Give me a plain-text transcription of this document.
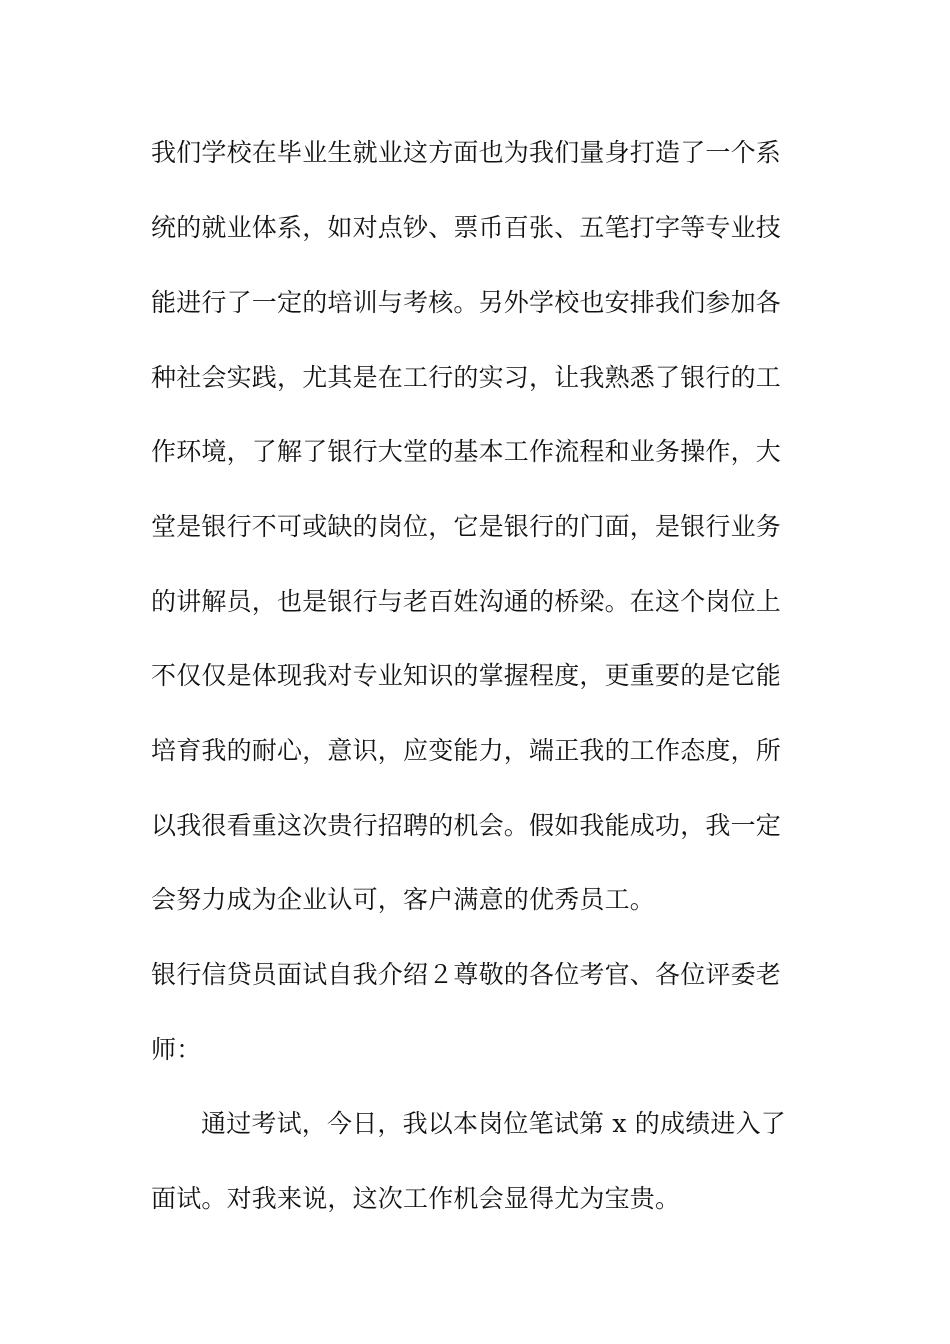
我们学校在毕业生就业这方面也为我们量身打造了一个系
统的就业体系，如对点钞、票币百张、五笔打字等专业技
能进行了一定的培训与考核。另外学校也安排我们参加各
种社会实践，尤其是在工行的实习，让我熟悉了银行的工
作环境，了解了银行大堂的基本工作流程和业务操作，大
堂是银行不可或缺的岗位，它是银行的门面，是银行业务
的讲解员，也是银行与老百姓沟通的桥梁。在这个岗位上
不仅仅是体现我对专业知识的掌握程度，更重要的是它能
培育我的耐心，意识，应变能力，端正我的工作态度，所
以我很看重这次贵行招聘的机会。假如我能成功，我一定
会努力成为企业认可，客户满意的优秀员工。
银行信贷员面试自我介绍２尊敬的各位考官、各位评委老
师：
通过考试，今日，我以本岗位笔试第 x 的成绩进入了
面试。对我来说，这次工作机会显得尤为宝贵。
